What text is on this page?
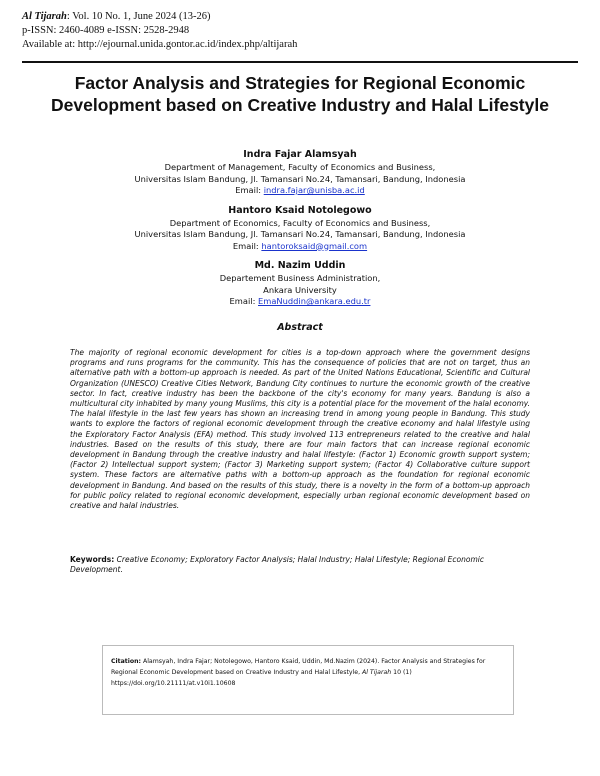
Al Tijarah: Vol. 10 No. 1, June 2024 (13-26)
p-ISSN: 2460-4089 e-ISSN: 2528-2948
Available at: http://ejournal.unida.gontor.ac.id/index.php/altijarah
Factor Analysis and Strategies for Regional Economic Development based on Creative Industry and Halal Lifestyle
Indra Fajar Alamsyah
Department of Management, Faculty of Economics and Business,
Universitas Islam Bandung, Jl. Tamansari No.24, Tamansari, Bandung, Indonesia
Email: indra.fajar@unisba.ac.id
Hantoro Ksaid Notolegowo
Department of Economics, Faculty of Economics and Business,
Universitas Islam Bandung, Jl. Tamansari No.24, Tamansari, Bandung, Indonesia
Email: hantoroksaid@gmail.com
Md. Nazim Uddin
Departement Business Administration,
Ankara University
Email: EmaNuddin@ankara.edu.tr
Abstract
The majority of regional economic development for cities is a top-down approach where the government designs programs and runs programs for the community. This has the consequence of policies that are not on target, thus an alternative path with a bottom-up approach is needed. As part of the United Nations Educational, Scientific and Cultural Organization (UNESCO) Creative Cities Network, Bandung City continues to nurture the economic growth of the creative sector. In fact, creative industry has been the backbone of the city's economy for many years. Bandung is also a multicultural city inhabited by many young Muslims, this city is a potential place for the movement of the halal economy. The halal lifestyle in the last few years has shown an increasing trend in among young people in Bandung. This study wants to explore the factors of regional economic development through the creative economy and halal lifestyle using the Exploratory Factor Analysis (EFA) method. This study involved 113 entrepreneurs related to the creative and halal industries. Based on the results of this study, there are four main factors that can increase regional economic development in Bandung through the creative industry and halal lifestyle: (Factor 1) Economic growth support system; (Factor 2) Intellectual support system; (Factor 3) Marketing support system; (Factor 4) Collaborative culture support system. These factors are alternative paths with a bottom-up approach as the foundation for regional economic development in Bandung. And based on the results of this study, there is a novelty in the form of a bottom-up approach for public policy related to regional economic development, especially urban regional economic development based on creative and halal industries.
Keywords: Creative Economy; Exploratory Factor Analysis; Halal Industry; Halal Lifestyle; Regional Economic Development.
Citation: Alamsyah, Indra Fajar; Notolegowo, Hantoro Ksaid, Uddin, Md.Nazim (2024). Factor Analysis and Strategies for Regional Economic Development based on Creative Industry and Halal Lifestyle, Al Tijarah 10 (1)
https://doi.org/10.21111/at.v10i1.10608
